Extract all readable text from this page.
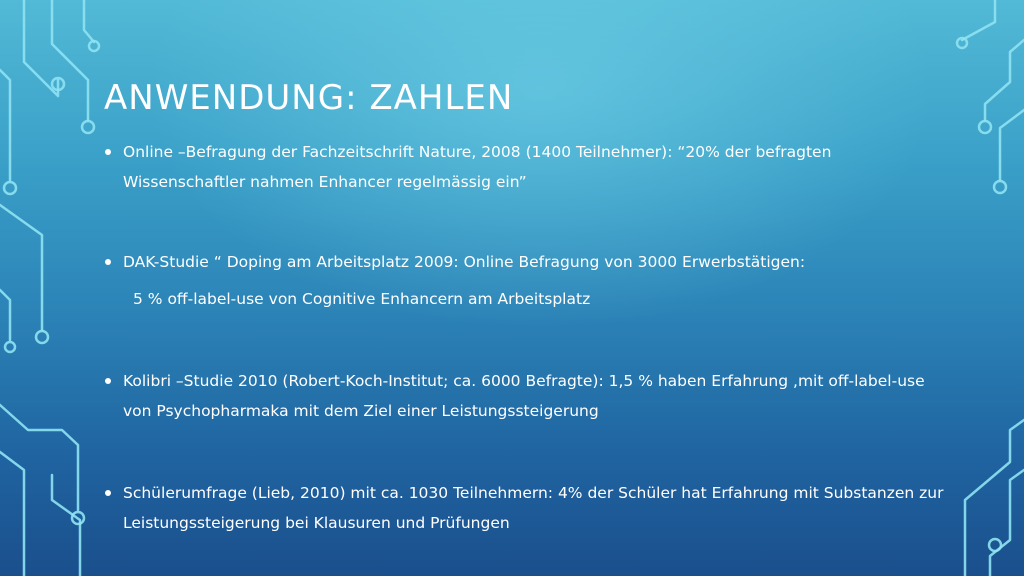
ANWENDUNG: ZAHLEN
Online –Befragung der Fachzeitschrift Nature, 2008 (1400 Teilnehmer): “20% der befragten Wissenschaftler nahmen Enhancer regelmässig ein”
DAK-Studie “ Doping am Arbeitsplatz 2009: Online Befragung von 3000 Erwerbstätigen:
5 % off-label-use von Cognitive Enhancern am Arbeitsplatz
Kolibri –Studie 2010 (Robert-Koch-Institut; ca. 6000 Befragte): 1,5 % haben Erfahrung ,mit off-label-use von Psychopharmaka mit dem Ziel einer Leistungssteigerung
Schülerumfrage (Lieb, 2010) mit ca. 1030 Teilnehmern: 4% der Schüler hat Erfahrung mit Substanzen zur Leistungssteigerung bei Klausuren und Prüfungen
